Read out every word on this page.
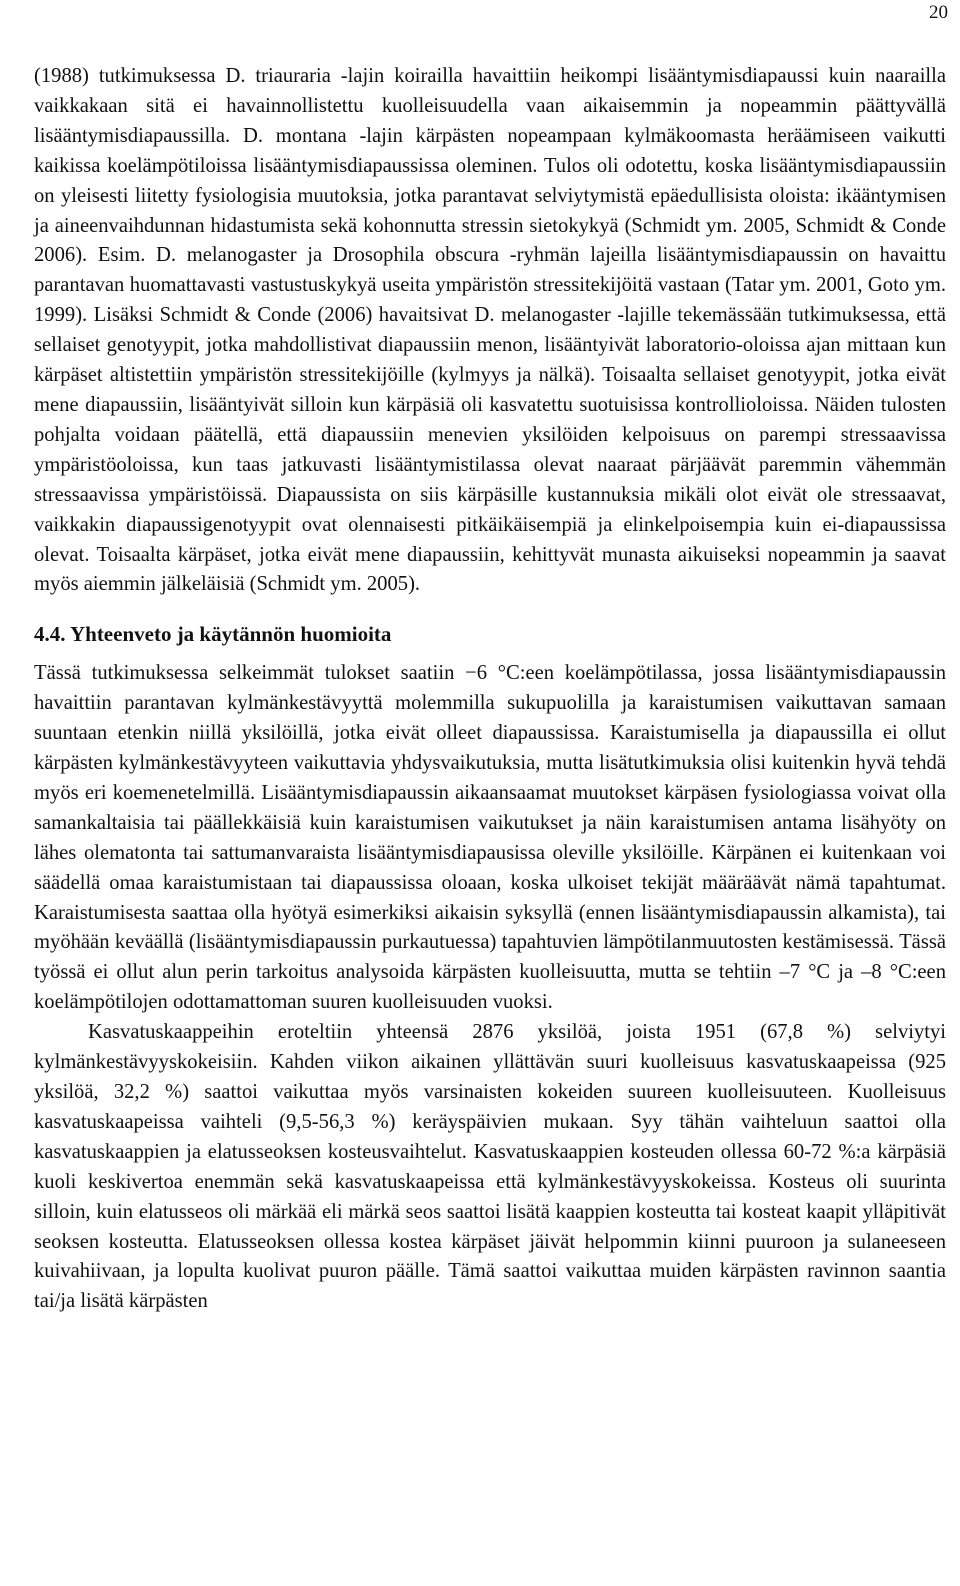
20

(1988) tutkimuksessa D. triauraria -lajin koirailla havaittiin heikompi lisääntymisdiapaussi kuin naarailla vaikkakaan sitä ei havainnollistettu kuolleisuudella vaan aikaisemmin ja nopeammin päättyvällä lisääntymisdiapaussilla. D. montana -lajin kärpästen nopeampaan kylmäkoomasta heräämiseen vaikutti kaikissa koelämpötiloissa lisääntymisdiapaussissa oleminen. Tulos oli odotettu, koska lisääntymisdiapaussiin on yleisesti liitetty fysiologisia muutoksia, jotka parantavat selviytymistä epäedullisista oloista: ikääntymisen ja aineenvaihdunnan hidastumista sekä kohonnutta stressin sietokykyä (Schmidt ym. 2005, Schmidt & Conde 2006). Esim. D. melanogaster ja Drosophila obscura -ryhmän lajeilla lisääntymisdiapaussin on havaittu parantavan huomattavasti vastustuskykyä useita ympäristön stressitekijöitä vastaan (Tatar ym. 2001, Goto ym. 1999). Lisäksi Schmidt & Conde (2006) havaitsivat D. melanogaster -lajille tekemässään tutkimuksessa, että sellaiset genotyypit, jotka mahdollistivat diapaussiin menon, lisääntyivät laboratorio-oloissa ajan mittaan kun kärpäset altistettiin ympäristön stressitekijöille (kylmyys ja nälkä). Toisaalta sellaiset genotyypit, jotka eivät mene diapaussiin, lisääntyivät silloin kun kärpäsiä oli kasvatettu suotuisissa kontrollioloissa. Näiden tulosten pohjalta voidaan päätellä, että diapaussiin menevien yksilöiden kelpoisuus on parempi stressaavissa ympäristöoloissa, kun taas jatkuvasti lisääntymistilassa olevat naaraat pärjäävät paremmin vähemmän stressaavissa ympäristöissä. Diapaussista on siis kärpäsille kustannuksia mikäli olot eivät ole stressaavat, vaikkakin diapaussigenotyypit ovat olennaisesti pitkäikäisempiä ja elinkelpoisempia kuin ei-diapaussissa olevat. Toisaalta kärpäset, jotka eivät mene diapaussiin, kehittyvät munasta aikuiseksi nopeammin ja saavat myös aiemmin jälkeläisiä (Schmidt ym. 2005).

4.4. Yhteenveto ja käytännön huomioita

Tässä tutkimuksessa selkeimmät tulokset saatiin −6 °C:een koelämpötilassa, jossa lisääntymisdiapaussin havaittiin parantavan kylmänkestävyyttä molemmilla sukupuolilla ja karaistumisen vaikuttavan samaan suuntaan etenkin niillä yksilöillä, jotka eivät olleet diapaussissa. Karaistumisella ja diapaussilla ei ollut kärpästen kylmänkestävyyteen vaikuttavia yhdysvaikutuksia, mutta lisätutkimuksia olisi kuitenkin hyvä tehdä myös eri koemenetelmillä. Lisääntymisdiapaussin aikaansaamat muutokset kärpäsen fysiologiassa voivat olla samankaltaisia tai päällekkäisiä kuin karaistumisen vaikutukset ja näin karaistumisen antama lisähyöty on lähes olematonta tai sattumanvaraista lisääntymisdiapausissa oleville yksilöille. Kärpänen ei kuitenkaan voi säädellä omaa karaistumistaan tai diapaussissa oloaan, koska ulkoiset tekijät määräävät nämä tapahtumat. Karaistumisesta saattaa olla hyötyä esimerkiksi aikaisin syksyllä (ennen lisääntymisdiapaussin alkamista), tai myöhään keväällä (lisääntymisdiapaussin purkautuessa) tapahtuvien lämpötilanmuutosten kestämisessä. Tässä työssä ei ollut alun perin tarkoitus analysoida kärpästen kuolleisuutta, mutta se tehtiin –7 °C ja –8 °C:een koelämpötilojen odottamattoman suuren kuolleisuuden vuoksi.

Kasvatuskaappeihin eroteltiin yhteensä 2876 yksilöä, joista 1951 (67,8 %) selviytyi kylmänkestävyyskokeisiin. Kahden viikon aikainen yllättävän suuri kuolleisuus kasvatuskaapeissa (925 yksilöä, 32,2 %) saattoi vaikuttaa myös varsinaisten kokeiden suureen kuolleisuuteen. Kuolleisuus kasvatuskaapeissa vaihteli (9,5-56,3 %) keräyspäivien mukaan. Syy tähän vaihteluun saattoi olla kasvatuskaappien ja elatusseoksen kosteusvaihtelut. Kasvatuskaappien kosteuden ollessa 60-72 %:a kärpäsiä kuoli keskivertoa enemmän sekä kasvatuskaapeissa että kylmänkestävyyskokeissa. Kosteus oli suurinta silloin, kuin elatusseos oli märkää eli märkä seos saattoi lisätä kaappien kosteutta tai kosteat kaapit ylläpitivät seoksen kosteutta. Elatusseoksen ollessa kostea kärpäset jäivät helpommin kiinni puuroon ja sulaneeseen kuivahiivaan, ja lopulta kuolivat puuron päälle. Tämä saattoi vaikuttaa muiden kärpästen ravinnon saantia tai/ja lisätä kärpästen
